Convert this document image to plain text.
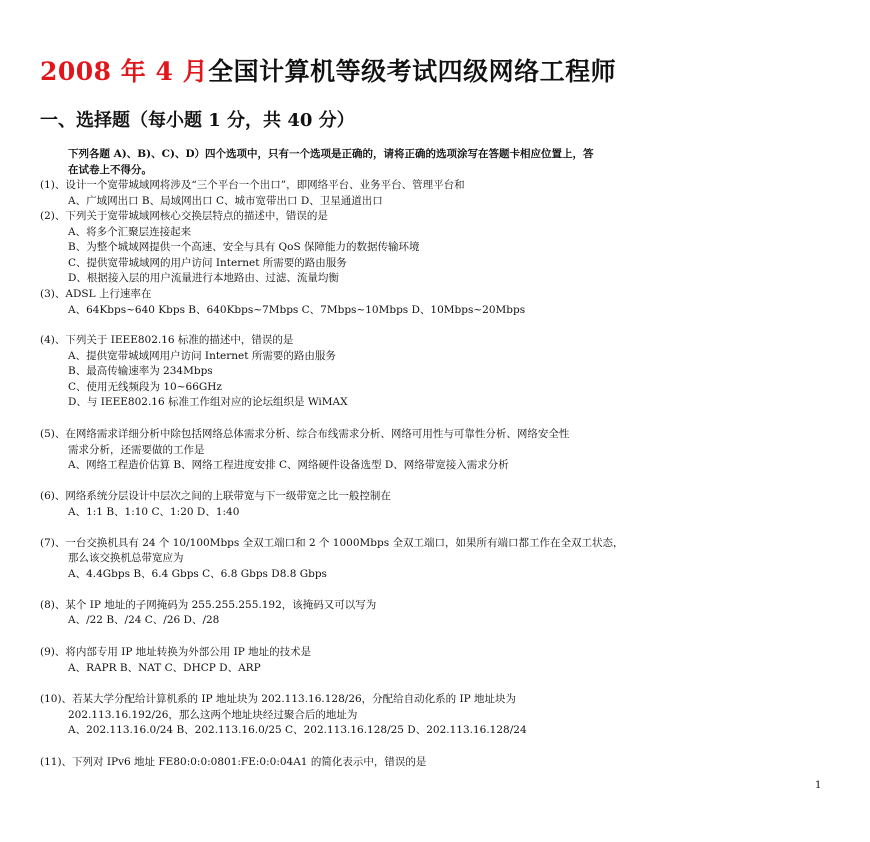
2008 年 4 月全国计算机等级考试四级网络工程师
一、选择题（每小题 1 分，共 40 分）
下列各题 A)、B)、C)、D）四个选项中，只有一个选项是正确的，请将正确的选项涂写在答题卡相应位置上，答
在试卷上不得分。
(1)、设计一个宽带城域网将涉及“三个平台一个出口”，即网络平台、业务平台、管理平台和
A、广域网出口 B、局域网出口 C、城市宽带出口 D、卫星通道出口
(2)、下列关于宽带城域网核心交换层特点的描述中，错误的是
A、将多个汇聚层连接起来
B、为整个城域网提供一个高速、安全与具有 QoS 保障能力的数据传输环境
C、提供宽带城域网的用户访问 Internet 所需要的路由服务
D、根据接入层的用户流量进行本地路由、过滤、流量均衡
(3)、ADSL 上行速率在
A、64Kbps~640 Kbps B、640Kbps~7Mbps C、7Mbps~10Mbps D、10Mbps~20Mbps
(4)、下列关于 IEEE802.16 标准的描述中，错误的是
A、提供宽带城域网用户访问 Internet 所需要的路由服务
B、最高传输速率为 234Mbps
C、使用无线频段为 10~66GHz
D、与 IEEE802.16 标准工作组对应的论坛组织是 WiMAX
(5)、在网络需求详细分析中除包括网络总体需求分析、综合布线需求分析、网络可用性与可靠性分析、网络安全性
需求分析，还需要做的工作是
A、网络工程造价估算 B、网络工程进度安排 C、网络硬件设备选型 D、网络带宽接入需求分析
(6)、网络系统分层设计中层次之间的上联带宽与下一级带宽之比一般控制在
A、1:1 B、1:10 C、1:20 D、1:40
(7)、一台交换机具有 24 个 10/100Mbps 全双工端口和 2 个 1000Mbps 全双工端口，如果所有端口都工作在全双工状态，
那么该交换机总带宽应为
A、4.4Gbps B、6.4 Gbps C、6.8 Gbps D8.8 Gbps
(8)、某个 IP 地址的子网掩码为 255.255.255.192，该掩码又可以写为
A、/22 B、/24 C、/26 D、/28
(9)、将内部专用 IP 地址转换为外部公用 IP 地址的技术是
A、RAPR B、NAT C、DHCP D、ARP
(10)、若某大学分配给计算机系的 IP 地址块为 202.113.16.128/26，分配给自动化系的 IP 地址块为
202.113.16.192/26，那么这两个地址块经过聚合后的地址为
A、202.113.16.0/24 B、202.113.16.0/25 C、202.113.16.128/25 D、202.113.16.128/24
(11)、下列对 IPv6 地址 FE80:0:0:0801:FE:0:0:04A1 的简化表示中，错误的是
1
